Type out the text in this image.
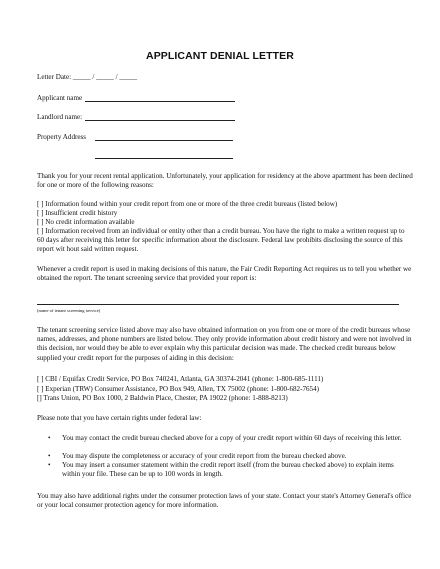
APPLICANT DENIAL LETTER
Letter Date: _____ / _____ / _____
Applicant name
Landlord name:
Property Address
Thank you for your recent rental application. Unfortunately, your application for residency at the above apartment has been declined for one or more of the following reasons:
[ ] Information found within your credit report from one or more of the three credit bureaus (listed below)
[ ] Insufficient credit history
[ ] No credit information available
[ ] Information received from an individual or entity other than a credit bureau. You have the right to make a written request up to 60 days after receiving this letter for specific information about the disclosure. Federal law prohibits disclosing the source of this report wit hout said written request.
Whenever a credit report is used in making decisions of this nature, the Fair Credit Reporting Act requires us to tell you whether we obtained the report. The tenant screening service that provided your report is:
(name of tenant screening service)
The tenant screening service listed above may also have obtained information on you from one or more of the credit bureaus whose names, addresses, and phone numbers are listed below. They only provide information about credit history and were not involved in this decision, nor would they be able to ever explain why this particular decision was made. The checked credit bureaus below supplied your credit report for the purposes of aiding in this decision:
[ ] CBI / Equifax Credit Service, PO Box 740241, Atlanta, GA 30374-2041 (phone: 1-800-685-1111)
[ ] Experian (TRW) Consumer Assistance, PO Box 949, Allen, TX 75002 (phone: 1-800-682-7654)
[] Trans Union, PO Box 1000, 2 Baldwin Place, Chester, PA 19022 (phone: 1-888-8213)
Please note that you have certain rights under federal law:
• You may contact the credit bureau checked above for a copy of your credit report within 60 days of receiving this letter.
• You may dispute the completeness or accuracy of your credit report from the bureau checked above.
• You may insert a consumer statement within the credit report itself (from the bureau checked above) to explain items within your file. These can be up to 100 words in length.
You may also have additional rights under the consumer protection laws of your state. Contact your state's Attorney General's office or your local consumer protection agency for more information.
